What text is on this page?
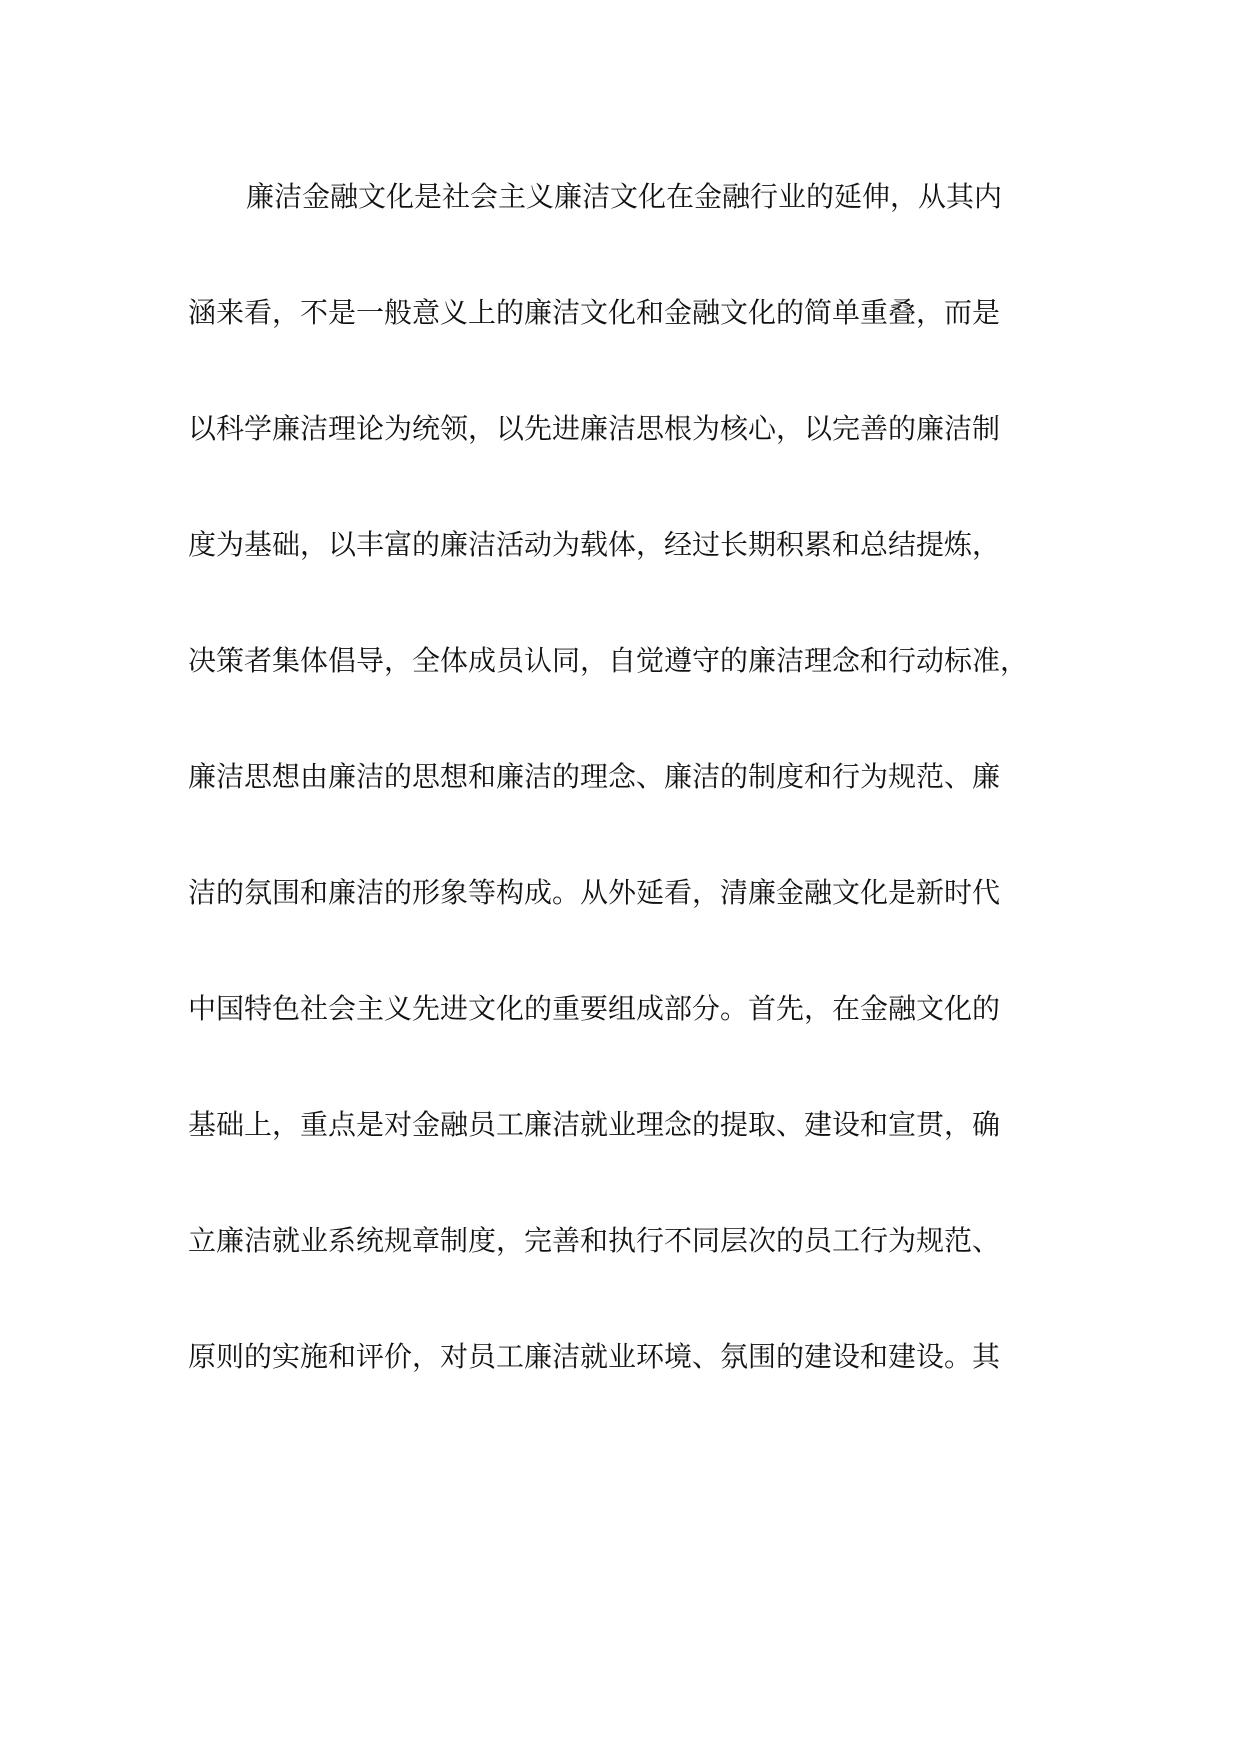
廉洁金融文化是社会主义廉洁文化在金融行业的延伸，从其内
涵来看，不是一般意义上的廉洁文化和金融文化的简单重叠，而是
以科学廉洁理论为统领，以先进廉洁思根为核心，以完善的廉洁制
度为基础，以丰富的廉洁活动为载体，经过长期积累和总结提炼，
决策者集体倡导，全体成员认同，自觉遵守的廉洁理念和行动标准，
廉洁思想由廉洁的思想和廉洁的理念、廉洁的制度和行为规范、廉
洁的氛围和廉洁的形象等构成。从外延看，清廉金融文化是新时代
中国特色社会主义先进文化的重要组成部分。首先，在金融文化的
基础上，重点是对金融员工廉洁就业理念的提取、建设和宣贯，确
立廉洁就业系统规章制度，完善和执行不同层次的员工行为规范、
原则的实施和评价，对员工廉洁就业环境、氛围的建设和建设。其
